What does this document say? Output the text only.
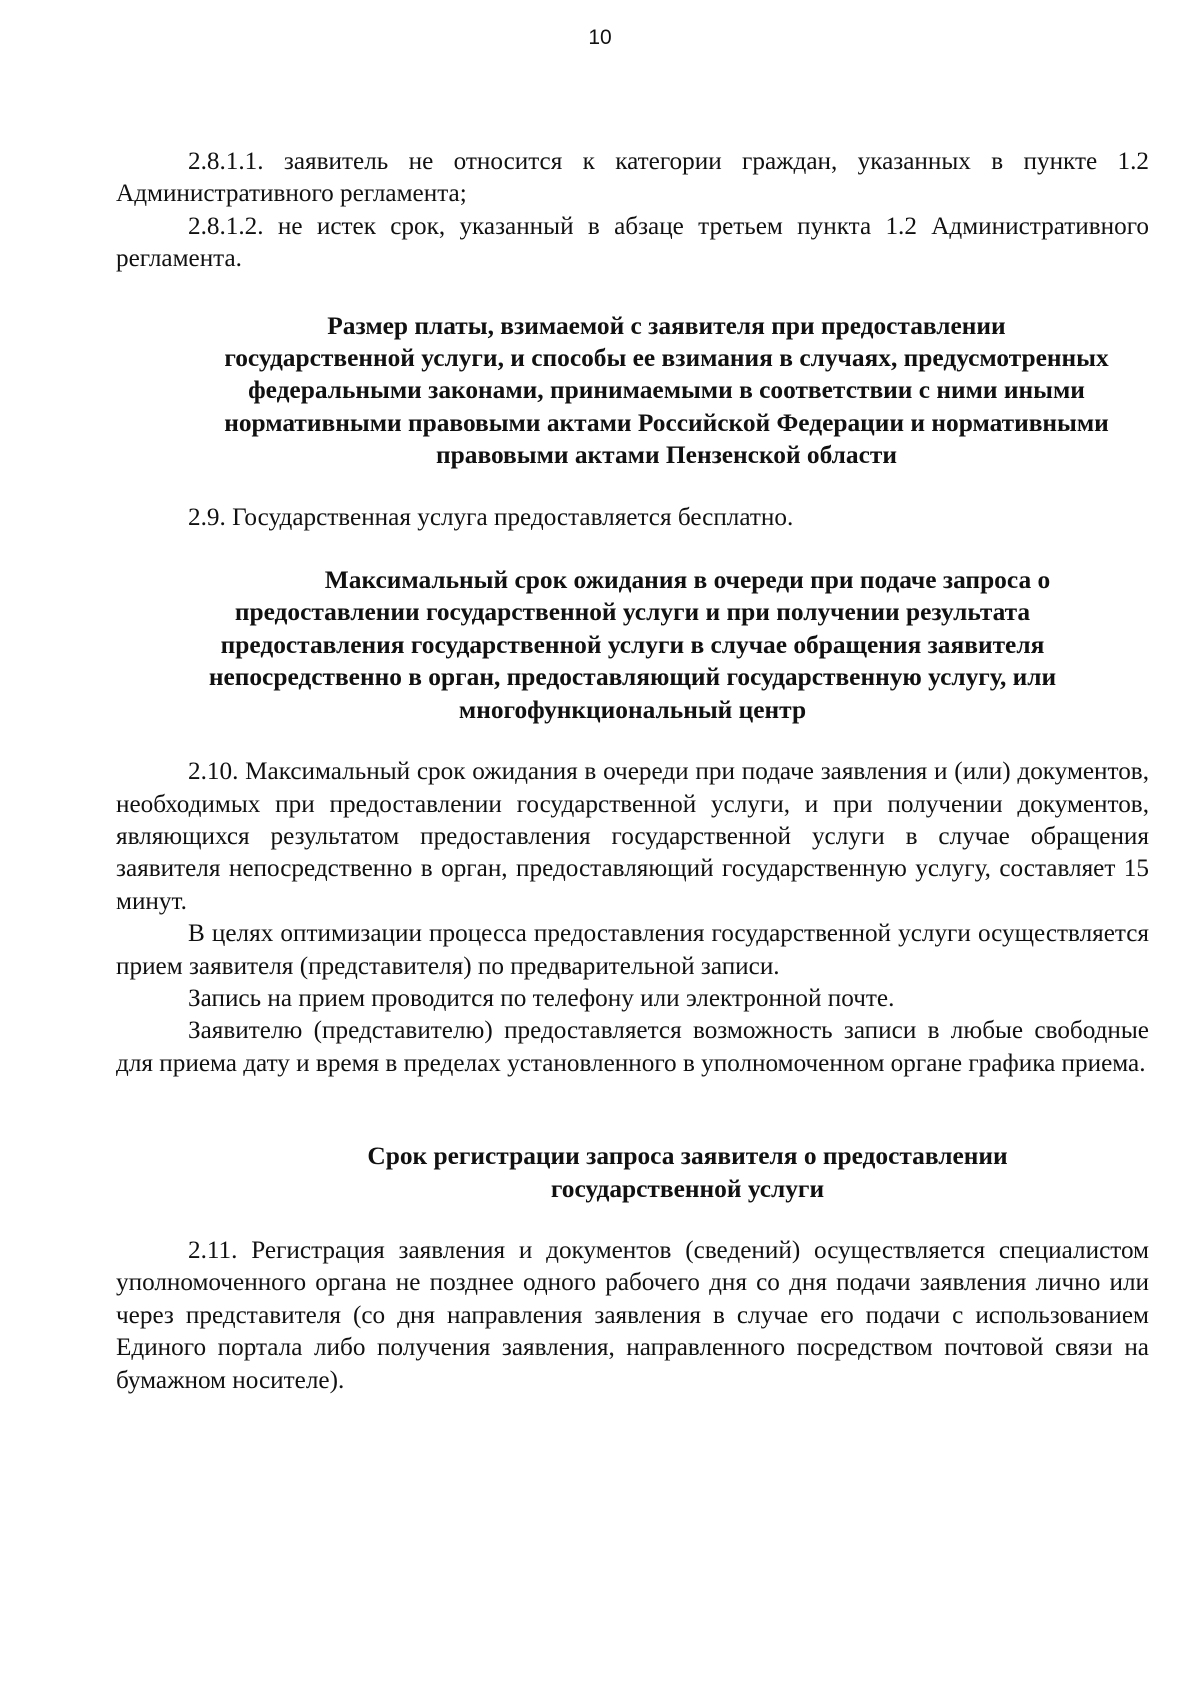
10

2.8.1.1. заявитель не относится к категории граждан, указанных в пункте 1.2 Административного регламента;

2.8.1.2. не истек срок, указанный в абзаце третьем пункта 1.2 Административного регламента.

Размер платы, взимаемой с заявителя при предоставлении
государственной услуги, и способы ее взимания в случаях, предусмотренных
федеральными законами, принимаемыми в соответствии с ними иными
нормативными правовыми актами Российской Федерации и нормативными
правовыми актами Пензенской области

2.9. Государственная услуга предоставляется бесплатно.

Максимальный срок ожидания в очереди при подаче запроса о
предоставлении государственной услуги и при получении результата
предоставления государственной услуги в случае обращения заявителя
непосредственно в орган, предоставляющий государственную услугу, или
многофункциональный центр

2.10. Максимальный срок ожидания в очереди при подаче заявления и (или) документов, необходимых при предоставлении государственной услуги, и при получении документов, являющихся результатом предоставления государственной услуги в случае обращения заявителя непосредственно в орган, предоставляющий государственную услугу, составляет 15 минут.

В целях оптимизации процесса предоставления государственной услуги осуществляется прием заявителя (представителя) по предварительной записи.

Запись на прием проводится по телефону или электронной почте.

Заявителю (представителю) предоставляется возможность записи в любые свободные для приема дату и время в пределах установленного в уполномоченном органе графика приема.

Срок регистрации запроса заявителя о предоставлении
государственной услуги

2.11. Регистрация заявления и документов (сведений) осуществляется специалистом уполномоченного органа не позднее одного рабочего дня со дня подачи заявления лично или через представителя (со дня направления заявления в случае его подачи с использованием Единого портала либо получения заявления, направленного посредством почтовой связи на бумажном носителе).
